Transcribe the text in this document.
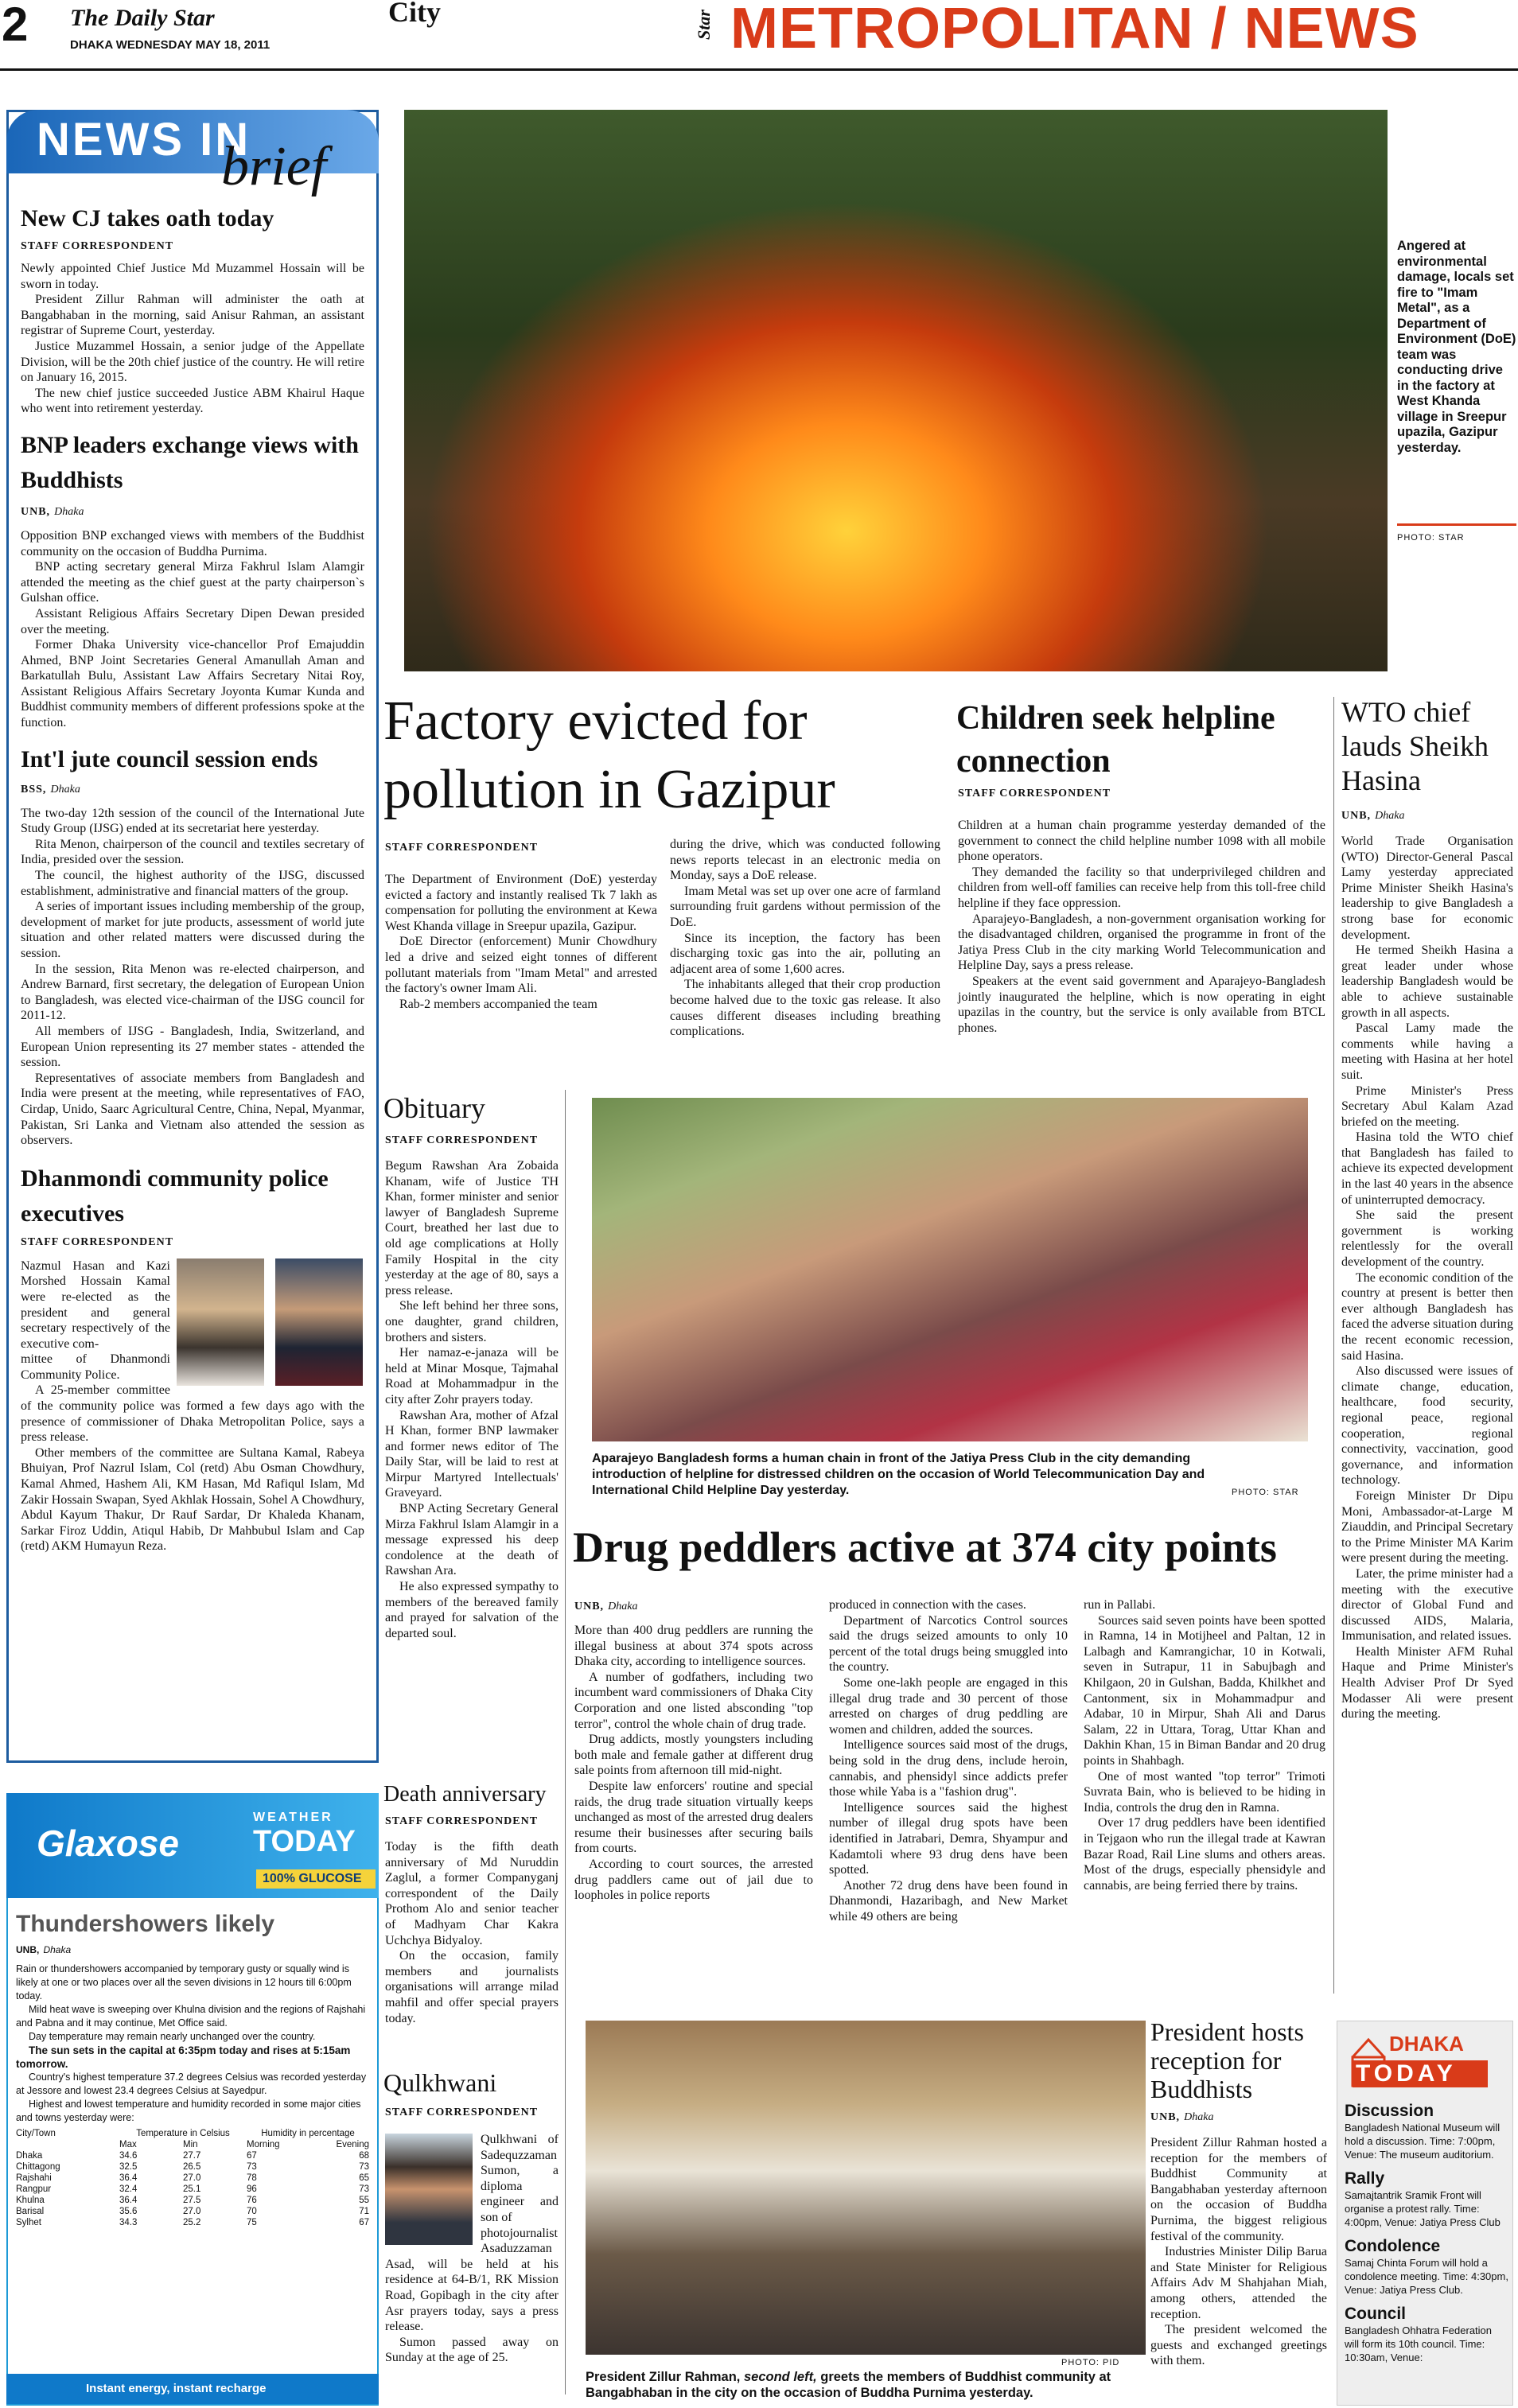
2 The Daily Star
DHAKA WEDNESDAY MAY 18, 2011
City	Star METROPOLITAN / NEWS
NEWS IN
brief
New CJ takes oath today
STAFF CORRESPONDENT

Newly appointed Chief Justice Md Muzammel Hossain will be sworn in today.

President Zillur Rahman will administer the oath at Bangabhaban in the morning, said Anisur Rahman, an assistant registrar of Supreme Court, yesterday.

Justice Muzammel Hossain, a senior judge of the Appellate Division, will be the 20th chief justice of the country. He will retire on January 16, 2015.

The new chief justice succeeded Justice ABM Khairul Haque who went into retirement yesterday.

BNP leaders exchange views with Buddhists
UNB, Dhaka

Opposition BNP exchanged views with members of the Buddhist community on the occasion of Buddha Purnima.

BNP acting secretary general Mirza Fakhrul Islam Alamgir attended the meeting as the chief guest at the party chairperson`s Gulshan office.

Assistant Religious Affairs Secretary Dipen Dewan presided over the meeting.

Former Dhaka University vice-chancellor Prof Emajuddin Ahmed, BNP Joint Secretaries General Amanullah Aman and Barkatullah Bulu, Assistant Law Affairs Secretary Nitai Roy, Assistant Religious Affairs Secretary Joyonta Kumar Kunda and Buddhist community members of different professions spoke at the function.

Int'l jute council session ends
BSS, Dhaka

The two-day 12th session of the council of the International Jute Study Group (IJSG) ended at its secretariat here yesterday.

Rita Menon, chairperson of the council and textiles secretary of India, presided over the session.

The council, the highest authority of the IJSG, discussed establishment, administrative and financial matters of the group.

A series of important issues including membership of the group, development of market for jute products, assessment of world jute situation and other related matters were discussed during the session.

In the session, Rita Menon was re-elected chairperson, and Andrew Barnard, first secretary, the delegation of European Union to Bangladesh, was elected vice-chairman of the IJSG council for 2011-12.

All members of IJSG - Bangladesh, India, Switzerland, and European Union representing its 27 member states - attended the session.

Representatives of associate members from Bangladesh and India were present at the meeting, while representatives of FAO, Cirdap, Unido, Saarc Agricultural Centre, China, Nepal, Myanmar, Pakistan, Sri Lanka and Vietnam also attended the session as observers.

Dhanmondi community police executives
STAFF CORRESPONDENT

Nazmul Hasan and Kazi Morshed Hossain Kamal were re-elected as the president and general secretary respectively of the executive com-

mittee of Dhanmondi Community Police.

A 25-member committee of the community police was formed a few days ago with the presence of commissioner of Dhaka Metropolitan Police, says a press release.

Other members of the committee are Sultana Kamal, Rabeya Bhuiyan, Prof Nazrul Islam, Col (retd) Abu Osman Chowdhury, Kamal Ahmed, Hashem Ali, KM Hasan, Md Rafiqul Islam, Md Zakir Hossain Swapan, Syed Akhlak Hossain, Sohel A Chowdhury, Abdul Kayum Thakur, Dr Rauf Sardar, Dr Khaleda Khanam, Sarkar Firoz Uddin, Atiqul Habib, Dr Mahbubul Islam and Cap (retd) AKM Humayun Reza.

Glaxose
WEATHER
TODAY
100% GLUCOSE
Thundershowers likely
UNB, Dhaka
Rain or thundershowers accompanied by temporary gusty or squally wind is likely at one or two places over all the seven divisions in 12 hours till 6:00pm today.
Mild heat wave is sweeping over Khulna division and the regions of Rajshahi and Pabna and it may continue, Met Office said.
Day temperature may remain nearly unchanged over the country.
The sun sets in the capital at 6:35pm today and rises at 5:15am tomorrow.
Country's highest temperature 37.2 degrees Celsius was recorded yesterday at Jessore and lowest 23.4 degrees Celsius at Sayedpur.
Highest and lowest temperature and humidity recorded in some major cities and towns yesterday were:
City/Town	Temperature in Celsius		Humidity in percentage	
	Max	Min	Morning	Evening
Dhaka	34.6	27.7	67	68
Chittagong	32.5	26.5	73	73
Rajshahi	36.4	27.0	78	65
Rangpur	32.4	25.1	96	73
Khulna	36.4	27.5	76	55
Barisal	35.6	27.0	70	71
Sylhet	34.3	25.2	75	67
Instant energy, instant recharge
Angered at environmental damage, locals set fire to "Imam Metal", as a Department of Environment (DoE) team was conducting drive in the factory at West Khanda village in Sreepur upazila, Gazipur yesterday.
PHOTO: STAR
Factory evicted for pollution in Gazipur
STAFF CORRESPONDENT

The Department of Environment (DoE) yesterday evicted a factory and instantly realised Tk 7 lakh as compensation for polluting the environment at Kewa West Khanda village in Sreepur upazila, Gazipur.

DoE Director (enforcement) Munir Chowdhury led a drive and seized eight tonnes of different pollutant materials from "Imam Metal" and arrested the factory's owner Imam Ali.

Rab-2 members accompanied the team

during the drive, which was conducted following news reports telecast in an electronic media on Monday, says a DoE release.

Imam Metal was set up over one acre of farmland surrounding fruit gardens without permission of the DoE.

Since its inception, the factory has been discharging toxic gas into the air, polluting an adjacent area of some 1,600 acres.

The inhabitants alleged that their crop production become halved due to the toxic gas release. It also causes different diseases including breathing complications.

Children seek helpline connection
STAFF CORRESPONDENT

Children at a human chain programme yesterday demanded of the government to connect the child helpline number 1098 with all mobile phone operators.

They demanded the facility so that underprivileged children and children from well-off families can receive help from this toll-free child helpline if they face oppression.

Aparajeyo-Bangladesh, a non-government organisation working for the disadvantaged children, organised the programme in front of the Jatiya Press Club in the city marking World Telecommunication and Helpline Day, says a press release.

Speakers at the event said government and Aparajeyo-Bangladesh jointly inaugurated the helpline, which is now operating in eight upazilas in the country, but the service is only available from BTCL phones.

WTO chief lauds Sheikh Hasina
UNB, Dhaka

World Trade Organisation (WTO) Director-General Pascal Lamy yesterday appreciated Prime Minister Sheikh Hasina's leadership to give Bangladesh a strong base for economic development.

He termed Sheikh Hasina a great leader under whose leadership Bangladesh would be able to achieve sustainable growth in all aspects.

Pascal Lamy made the comments while having a meeting with Hasina at her hotel suit.

Prime Minister's Press Secretary Abul Kalam Azad briefed on the meeting.

Hasina told the WTO chief that Bangladesh has failed to achieve its expected development in the last 40 years in the absence of uninterrupted democracy.

She said the present government is working relentlessly for the overall development of the country.

The economic condition of the country at present is better then ever although Bangladesh has faced the adverse situation during the recent economic recession, said Hasina.

Also discussed were issues of climate change, education, healthcare, food security, regional peace, regional cooperation, regional connectivity, vaccination, good governance, and information technology.

Foreign Minister Dr Dipu Moni, Ambassador-at-Large M Ziauddin, and Principal Secretary to the Prime Minister MA Karim were present during the meeting.

Later, the prime minister had a meeting with the executive director of Global Fund and discussed AIDS, Malaria, Immunisation, and related issues.

Health Minister AFM Ruhal Haque and Prime Minister's Health Adviser Prof Dr Syed Modasser Ali were present during the meeting.

Obituary
STAFF CORRESPONDENT

Begum Rawshan Ara Zobaida Khanam, wife of Justice TH Khan, former minister and senior lawyer of Bangladesh Supreme Court, breathed her last due to old age complications at Holly Family Hospital in the city yesterday at the age of 80, says a press release.

She left behind her three sons, one daughter, grand children, brothers and sisters.

Her namaz-e-janaza will be held at Minar Mosque, Tajmahal Road at Mohammadpur in the city after Zohr prayers today.

Rawshan Ara, mother of Afzal H Khan, former BNP lawmaker and former news editor of The Daily Star, will be laid to rest at Mirpur Martyred Intellectuals' Graveyard.

BNP Acting Secretary General Mirza Fakhrul Islam Alamgir in a message expressed his deep condolence at the death of Rawshan Ara.

He also expressed sympathy to members of the bereaved family and prayed for salvation of the departed soul.

Death anniversary
STAFF CORRESPONDENT

Today is the fifth death anniversary of Md Nuruddin Zaglul, a former Companyganj correspondent of the Daily Prothom Alo and senior teacher of Madhyam Char Kakra Uchchya Bidyaloy.

On the occasion, family members and journalists organisations will arrange milad mahfil and offer special prayers today.

Qulkhwani
STAFF CORRESPONDENT

Qulkhwani of Sadequzzaman Sumon, a diploma engineer and son of

photojournalist Asaduzzaman Asad, will be held at his residence at 64-B/1, RK Mission Road, Gopibagh in the city after Asr prayers today, says a press release.

Sumon passed away on Sunday at the age of 25.

Aparajeyo Bangladesh forms a human chain in front of the Jatiya Press Club in the city demanding introduction of helpline for distressed children on the occasion of World Telecommunication Day and International Child Helpline Day yesterday.	PHOTO: STAR
Drug peddlers active at 374 city points
UNB, Dhaka

More than 400 drug peddlers are running the illegal business at about 374 spots across Dhaka city, according to intelligence sources.

A number of godfathers, including two incumbent ward commissioners of Dhaka City Corporation and one listed absconding "top terror", control the whole chain of drug trade.

Drug addicts, mostly youngsters including both male and female gather at different drug sale points from afternoon till mid-night.

Despite law enforcers' routine and special raids, the drug trade situation virtually keeps unchanged as most of the arrested drug dealers resume their businesses after securing bails from courts.

According to court sources, the arrested drug paddlers came out of jail due to loopholes in police reports

produced in connection with the cases.

Department of Narcotics Control sources said the drugs seized amounts to only 10 percent of the total drugs being smuggled into the country.

Some one-lakh people are engaged in this illegal drug trade and 30 percent of those arrested on charges of drug peddling are women and children, added the sources.

Intelligence sources said most of the drugs, being sold in the drug dens, include heroin, cannabis, and phensidyl since addicts prefer those while Yaba is a "fashion drug".

Intelligence sources said the highest number of illegal drug spots have been identified in Jatrabari, Demra, Shyampur and Kadamtoli where 93 drug dens have been spotted.

Another 72 drug dens have been found in Dhanmondi, Hazaribagh, and New Market while 49 others are being

run in Pallabi.

Sources said seven points have been spotted in Ramna, 14 in Motijheel and Paltan, 12 in Lalbagh and Kamrangichar, 10 in Kotwali, seven in Sutrapur, 11 in Sabujbagh and Khilgaon, 20 in Gulshan, Badda, Khilkhet and Cantonment, six in Mohammadpur and Adabar, 10 in Mirpur, Shah Ali and Darus Salam, 22 in Uttara, Torag, Uttar Khan and Dakhin Khan, 15 in Biman Bandar and 20 drug points in Shahbagh.

One of most wanted "top terror" Trimoti Suvrata Bain, who is believed to be hiding in India, controls the drug den in Ramna.

Over 17 drug peddlers have been identified in Tejgaon who run the illegal trade at Kawran Bazar Road, Rail Line slums and others areas. Most of the drugs, especially phensidyle and cannabis, are being ferried there by trains.

PHOTO: PID
President Zillur Rahman, second left, greets the members of Buddhist community at Bangabhaban in the city on the occasion of Buddha Purnima yesterday.
President hosts reception for Buddhists
UNB, Dhaka

President Zillur Rahman hosted a reception for the members of Buddhist Community at Bangabhaban yesterday afternoon on the occasion of Buddha Purnima, the biggest religious festival of the community.

Industries Minister Dilip Barua and State Minister for Religious Affairs Adv M Shahjahan Miah, among others, attended the reception.

The president welcomed the guests and exchanged greetings with them.

DHAKA
TODAY
Discussion
Bangladesh National Museum will hold a discussion. Time: 7:00pm, Venue: The museum auditorium.
Rally
Samajtantrik Sramik Front will organise a protest rally. Time: 4:00pm, Venue: Jatiya Press Club
Condolence
Samaj Chinta Forum will hold a condolence meeting. Time: 4:30pm, Venue: Jatiya Press Club.
Council
Bangladesh Ohhatra Federation will form its 10th council. Time: 10:30am, Venue:
